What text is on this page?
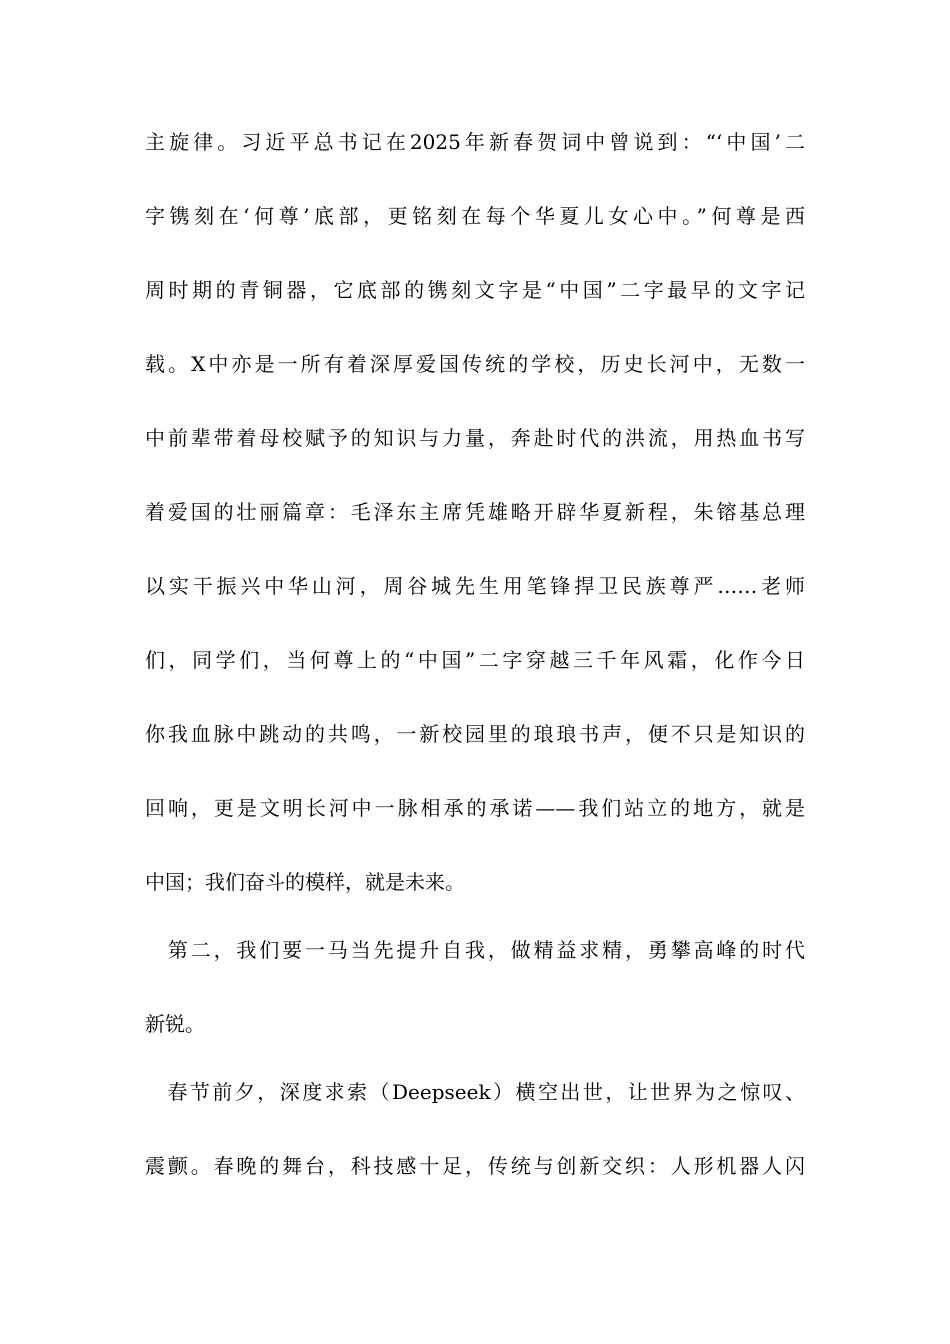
主旋律。习近平总书记在2025年新春贺词中曾说到：“‘中国’二
字镌刻在‘何尊’底部，更铭刻在每个华夏儿女心中。”何尊是西
周时期的青铜器，它底部的镌刻文字是“中国”二字最早的文字记
载。X中亦是一所有着深厚爱国传统的学校，历史长河中，无数一
中前辈带着母校赋予的知识与力量，奔赴时代的洪流，用热血书写
着爱国的壮丽篇章：毛泽东主席凭雄略开辟华夏新程，朱镕基总理
以实干振兴中华山河，周谷城先生用笔锋捍卫民族尊严……老师
们，同学们，当何尊上的“中国”二字穿越三千年风霜，化作今日
你我血脉中跳动的共鸣，一新校园里的琅琅书声，便不只是知识的
回响，更是文明长河中一脉相承的承诺——我们站立的地方，就是
中国；我们奋斗的模样，就是未来。
　第二，我们要一马当先提升自我，做精益求精，勇攀高峰的时代
新锐。
　春节前夕，深度求索（Deepseek）横空出世，让世界为之惊叹、
震颤。春晚的舞台，科技感十足，传统与创新交织：人形机器人闪
